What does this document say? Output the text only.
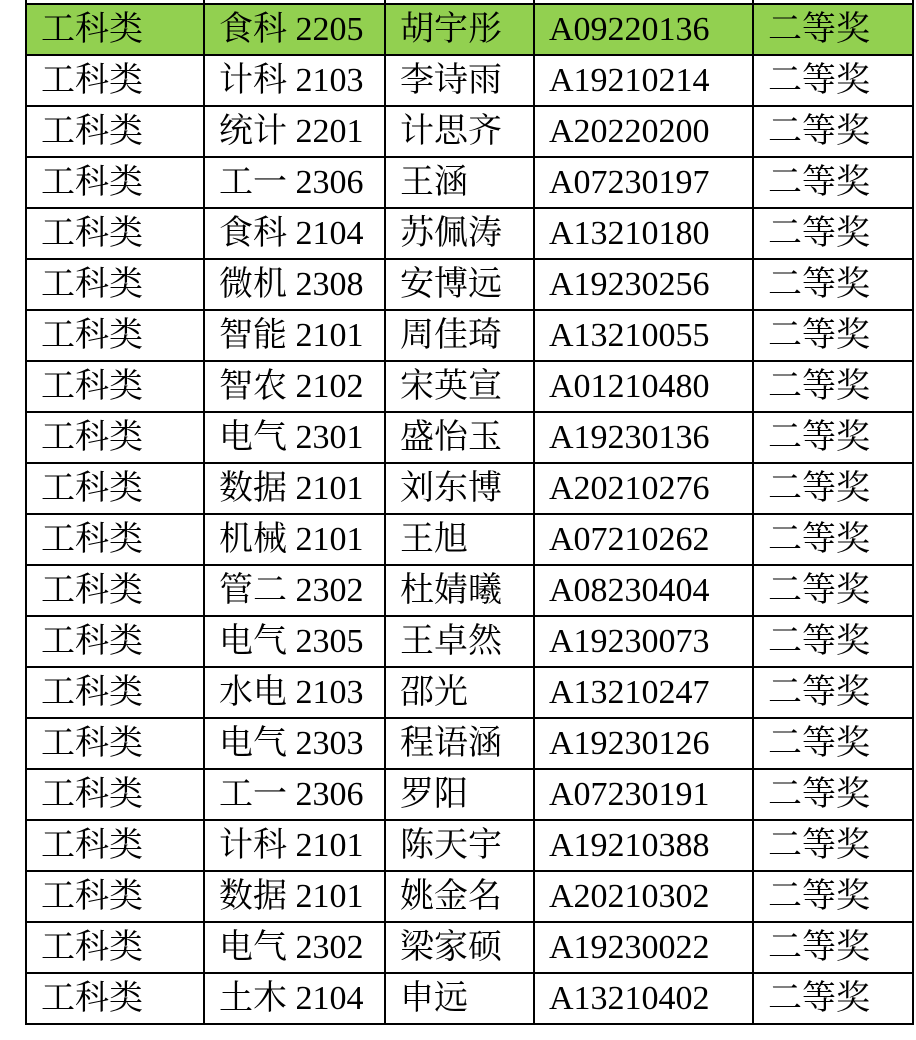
工科类	食科 2205	胡宇彤	A09220136	二等奖
工科类	计科 2103	李诗雨	A19210214	二等奖
工科类	统计 2201	计思齐	A20220200	二等奖
工科类	工一 2306	王涵	A07230197	二等奖
工科类	食科 2104	苏佩涛	A13210180	二等奖
工科类	微机 2308	安博远	A19230256	二等奖
工科类	智能 2101	周佳琦	A13210055	二等奖
工科类	智农 2102	宋英宣	A01210480	二等奖
工科类	电气 2301	盛怡玉	A19230136	二等奖
工科类	数据 2101	刘东博	A20210276	二等奖
工科类	机械 2101	王旭	A07210262	二等奖
工科类	管二 2302	杜婧曦	A08230404	二等奖
工科类	电气 2305	王卓然	A19230073	二等奖
工科类	水电 2103	邵光	A13210247	二等奖
工科类	电气 2303	程语涵	A19230126	二等奖
工科类	工一 2306	罗阳	A07230191	二等奖
工科类	计科 2101	陈天宇	A19210388	二等奖
工科类	数据 2101	姚金名	A20210302	二等奖
工科类	电气 2302	梁家硕	A19230022	二等奖
工科类	土木 2104	申远	A13210402	二等奖
